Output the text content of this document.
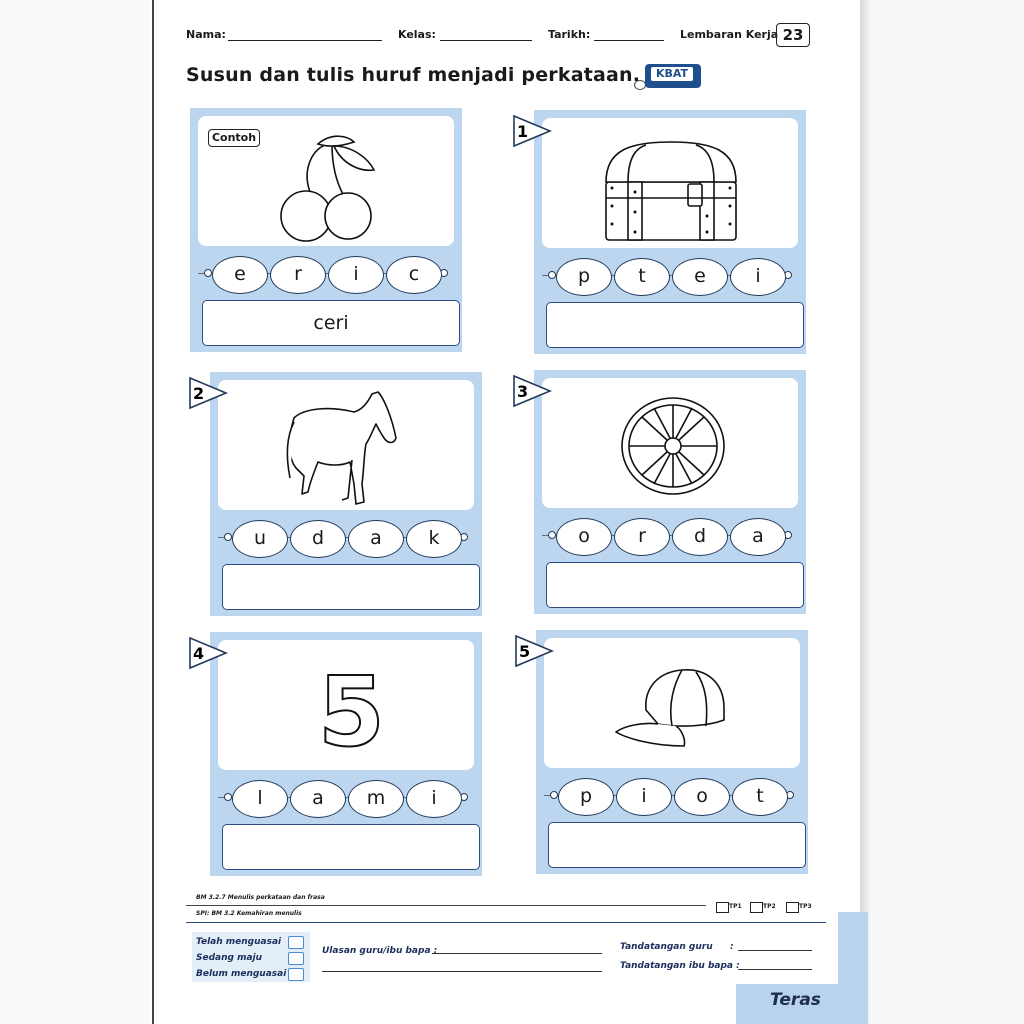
Nama:	Kelas:	Tarikh:	Lembaran Kerja 23
Susun dan tulis huruf menjadi perkataan.	KBAT
e	r	i	c
ceri
p	t	e	i
u	d	a	k	o	r	d	a
l	a	m	i	p	i	o	t
5
BM 3.2.7 Menulis perkataan dan frasa
SPI: BM 3.2 Kemahiran menulis
TP1	TP2	TP3
Telah menguasai
Sedang maju
Belum menguasai
Ulasan guru/ibu bapa :	Tandatangan guru :
Tandatangan ibu bapa :
Teras
Contoh	1
2	3
4	5
